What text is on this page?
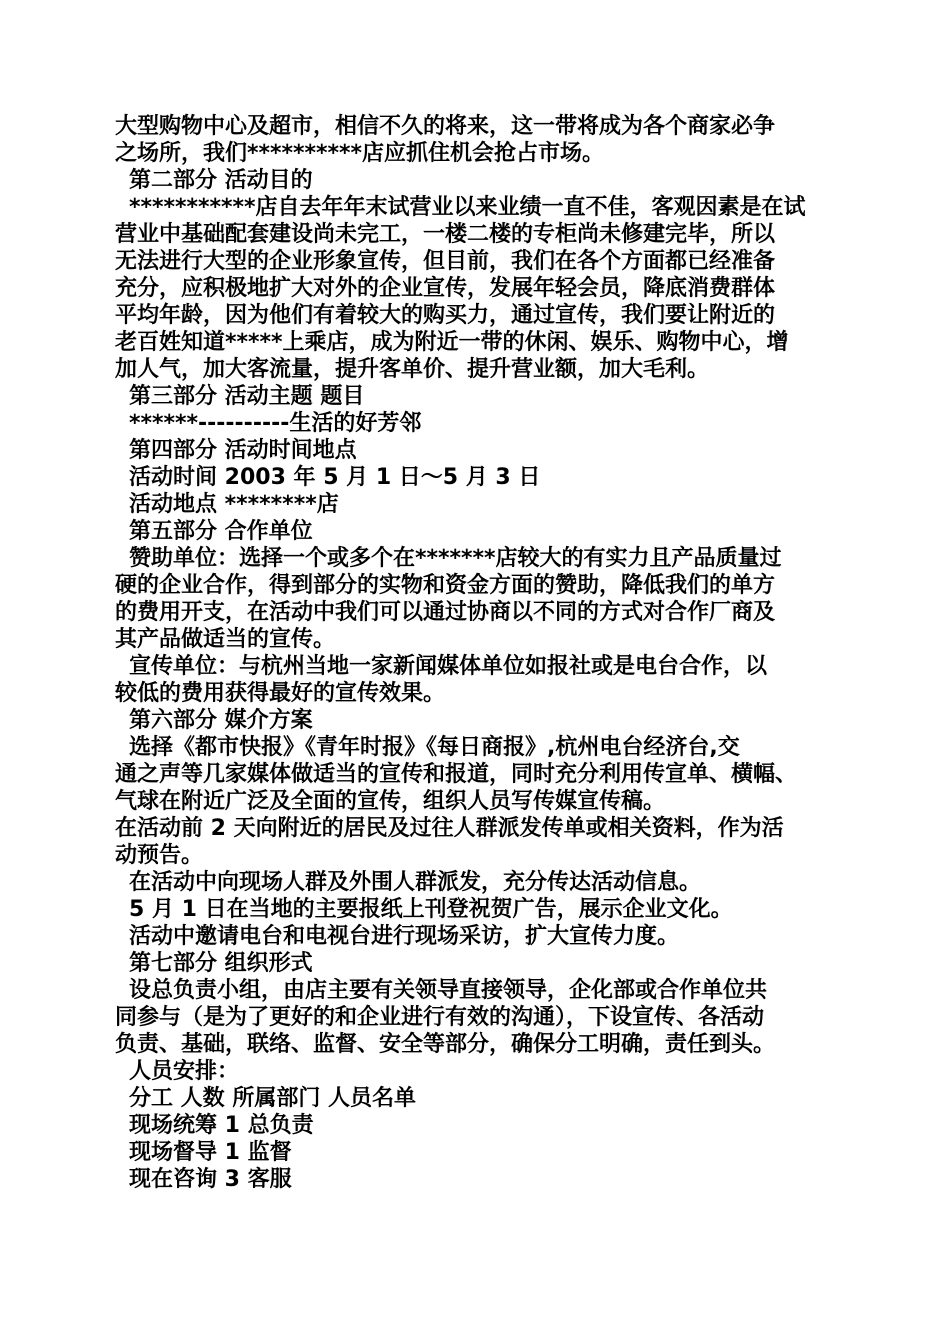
大型购物中心及超市，相信不久的将来，这一带将成为各个商家必争
之场所，我们**********店应抓住机会抢占市场。
第二部分 活动目的
***********店自去年年末试营业以来业绩一直不佳，客观因素是在试
营业中基础配套建设尚未完工，一楼二楼的专柜尚未修建完毕，所以
无法进行大型的企业形象宣传，但目前，我们在各个方面都已经准备
充分，应积极地扩大对外的企业宣传，发展年轻会员，降底消费群体
平均年龄，因为他们有着较大的购买力，通过宣传，我们要让附近的
老百姓知道*****上乘店，成为附近一带的休闲、娱乐、购物中心，增
加人气，加大客流量，提升客单价、提升营业额，加大毛利。
第三部分 活动主题 题目
******----------生活的好芳邻
第四部分 活动时间地点
活动时间 2003 年 5 月 1 日～5 月 3 日
活动地点 ********店
第五部分 合作单位
赞助单位：选择一个或多个在*******店较大的有实力且产品质量过
硬的企业合作，得到部分的实物和资金方面的赞助，降低我们的单方
的费用开支，在活动中我们可以通过协商以不同的方式对合作厂商及
其产品做适当的宣传。
宣传单位：与杭州当地一家新闻媒体单位如报社或是电台合作，以
较低的费用获得最好的宣传效果。
第六部分 媒介方案
选择《都市快报》《青年时报》《每日商报》,杭州电台经济台,交
通之声等几家媒体做适当的宣传和报道，同时充分利用传宣单、横幅、
气球在附近广泛及全面的宣传，组织人员写传媒宣传稿。
在活动前 2 天向附近的居民及过往人群派发传单或相关资料，作为活
动预告。
在活动中向现场人群及外围人群派发，充分传达活动信息。
5 月 1 日在当地的主要报纸上刊登祝贺广告，展示企业文化。
活动中邀请电台和电视台进行现场采访，扩大宣传力度。
第七部分 组织形式
设总负责小组，由店主要有关领导直接领导，企化部或合作单位共
同参与（是为了更好的和企业进行有效的沟通），下设宣传、各活动
负责、基础，联络、监督、安全等部分，确保分工明确，责任到头。
人员安排：
分工 人数 所属部门 人员名单
现场统筹 1 总负责
现场督导 1 监督
现在咨询 3 客服
